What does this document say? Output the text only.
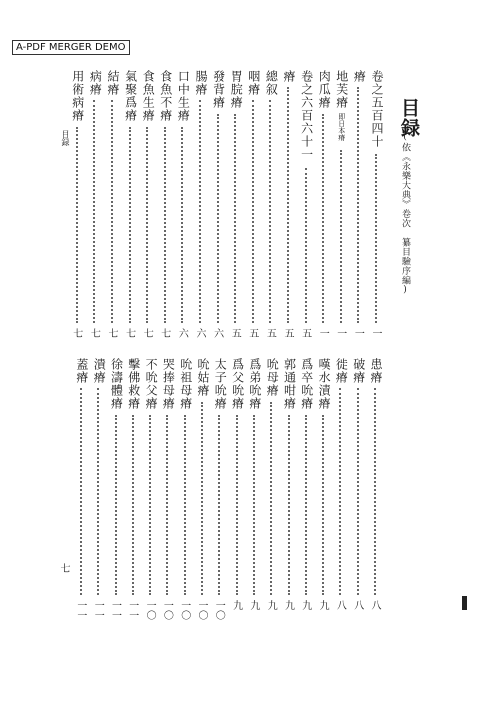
A-PDF MERGER DEMO
目録
(依《永樂大典》卷次　纂目驗序編)
卷之五百四十
一
瘠
一
地芙瘠
即日本瘠
一
肉瓜瘠
一
卷之六百六十一
五
瘠
五
總叙
五
咽瘠
五
胃脘瘠
五
發背瘠
六
腸瘠
六
口中生瘠
六
食魚不瘠
七
食魚生瘠
七
氣聚爲瘠
七
結瘠
七
病瘠
七
用術病瘠
七
患瘠
八
破瘠
八
徙瘠
八
嘆水漬瘠
九
爲卒吮瘠
九
郭通咁瘠
九
吮母瘠
九
爲弟吮瘠
九
爲父吮瘠
九
太子吮瘠
一〇
吮姑瘠
一〇
吮祖母瘠
一〇
哭捧母瘠
一〇
不吮父瘠
一〇
擊佛救瘠
一一
徐濤體瘠
一一
潰瘠
一一
蓋瘠
一一
目録
七
